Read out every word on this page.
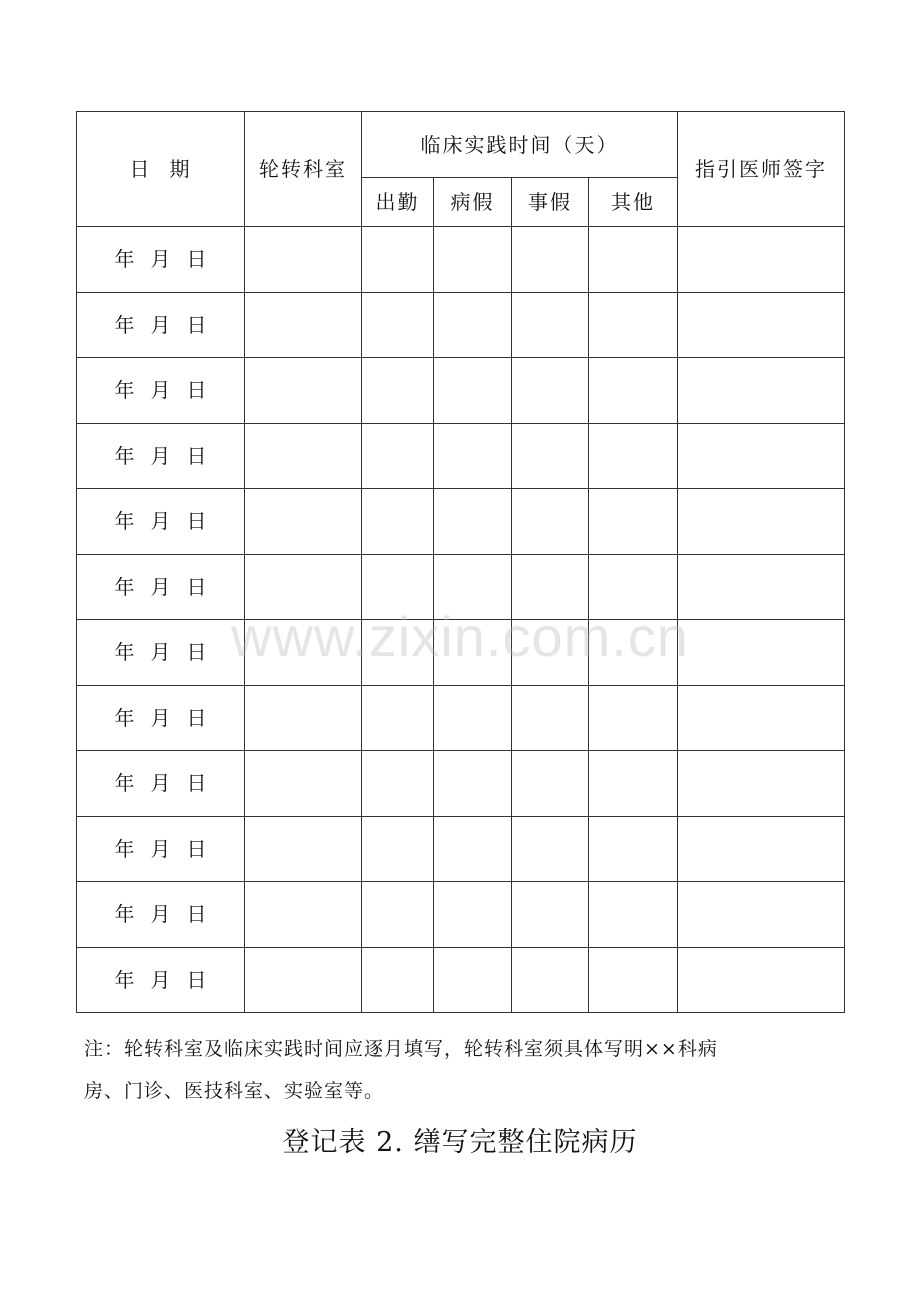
日 期	轮转科室	临床实践时间（天）				指引医师签字
		出勤	病假	事假	其他	
年 月 日						
年 月 日						
年 月 日						
年 月 日						
年 月 日						
年 月 日						
年 月 日						
年 月 日						
年 月 日						
年 月 日						
年 月 日						
年 月 日						
www.zixin.com.cn
注：轮转科室及临床实践时间应逐月填写，轮转科室须具体写明××科病
房、门诊、医技科室、实验室等。
登记表 2. 缮写完整住院病历
